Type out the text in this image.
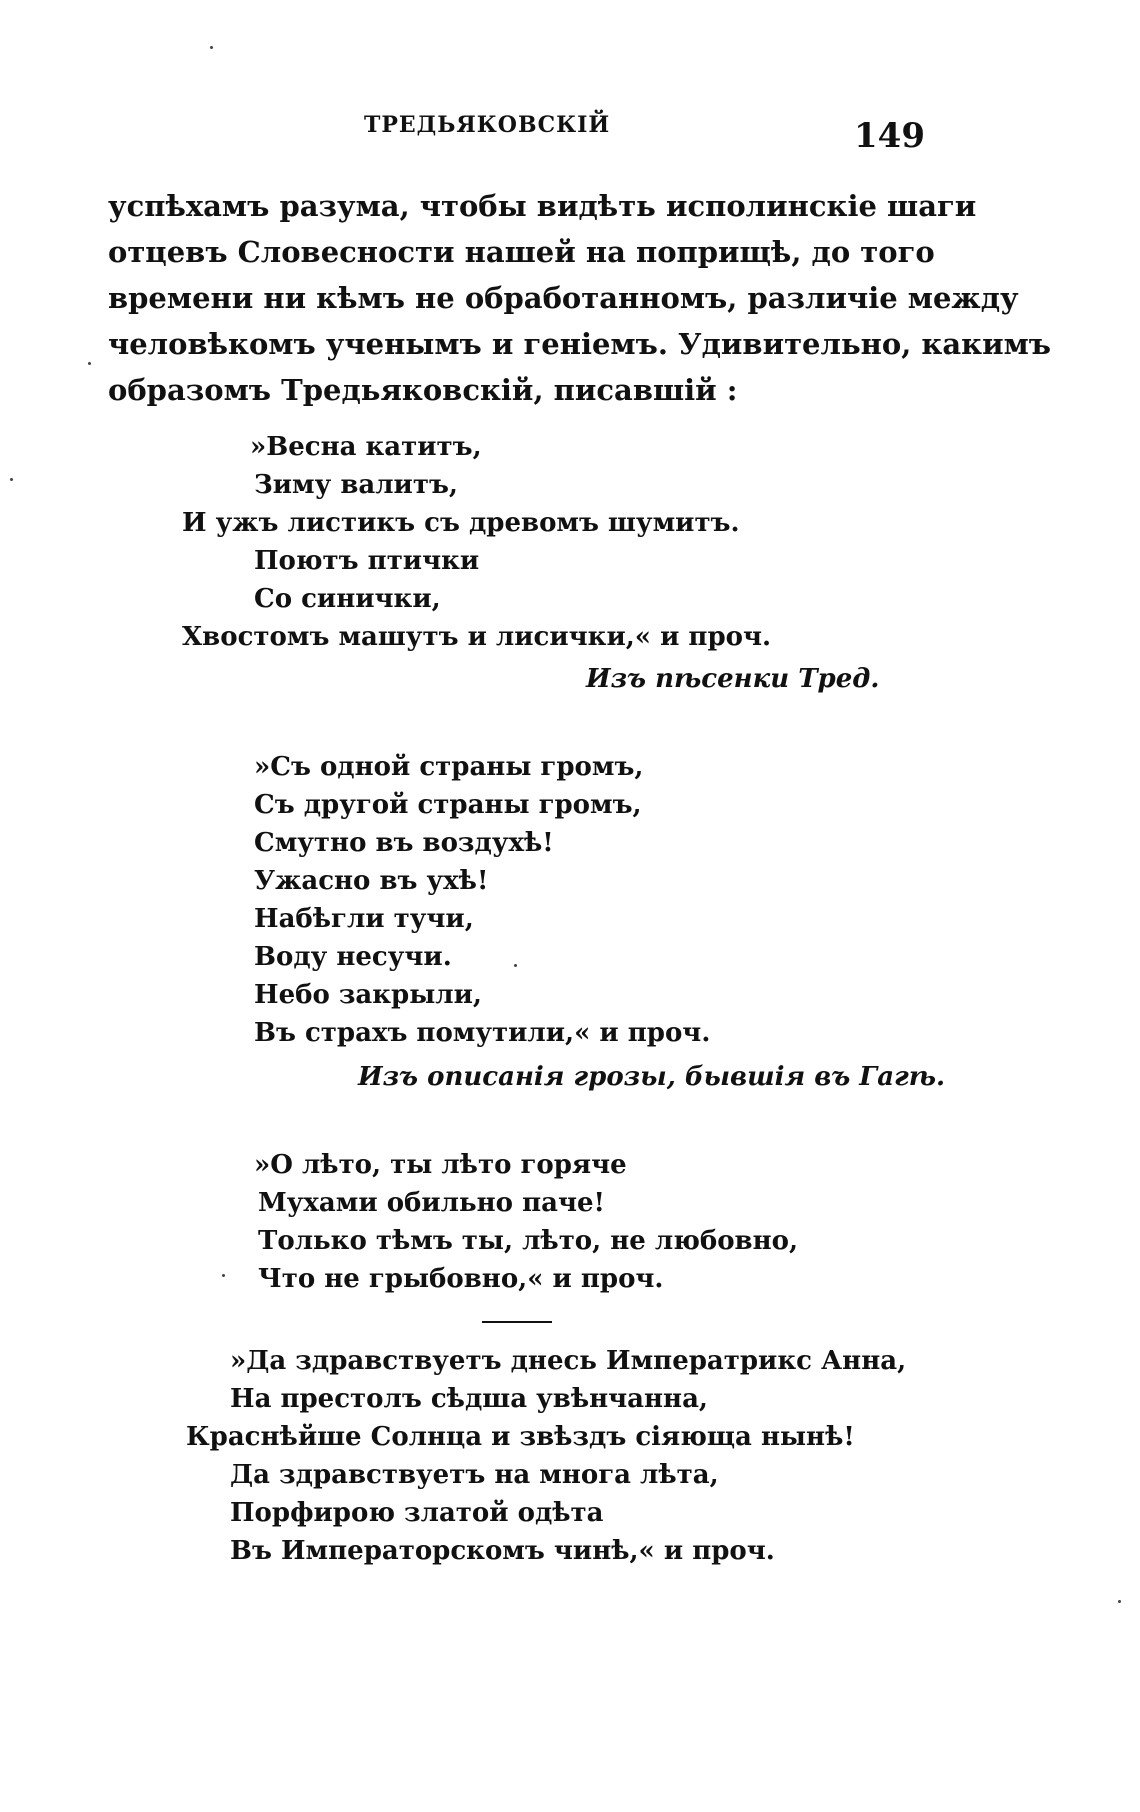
ТРЕДЬЯКОВСКІЙ	149
успѣхамъ разума, чтобы видѣть исполинскіе шаги
отцевъ Словесности нашей на поприщѣ, до того
времени ни кѣмъ не обработанномъ, различіе между
человѣкомъ ученымъ и геніемъ. Удивительно, какимъ
образомъ Тредьяковскій, писавшій :
»Весна катитъ,
Зиму валитъ,
И ужъ листикъ съ древомъ шумитъ.
Поютъ птички
Со синички,
Хвостомъ машутъ и лисички,« и проч.
Изъ пѣсенки Тред.
»Съ одной страны громъ,
Съ другой страны громъ,
Смутно въ воздухѣ!
Ужасно въ ухѣ!
Набѣгли тучи,
Воду несучи.
Небо закрыли,
Въ страхъ помутили,« и проч.
Изъ описанія грозы, бывшія въ Гагѣ.
»О лѣто, ты лѣто горяче
Мухами обильно паче!
Только тѣмъ ты, лѣто, не любовно,
Что не грыбовно,« и проч.
»Да здравствуетъ днесь Императрикс Анна,
На престолъ сѣдша увѣнчанна,
Краснѣйше Солнца и звѣздъ сіяюща нынѣ!
Да здравствуетъ на многа лѣта,
Порфирою златой одѣта
Въ Императорскомъ чинѣ,« и проч.
